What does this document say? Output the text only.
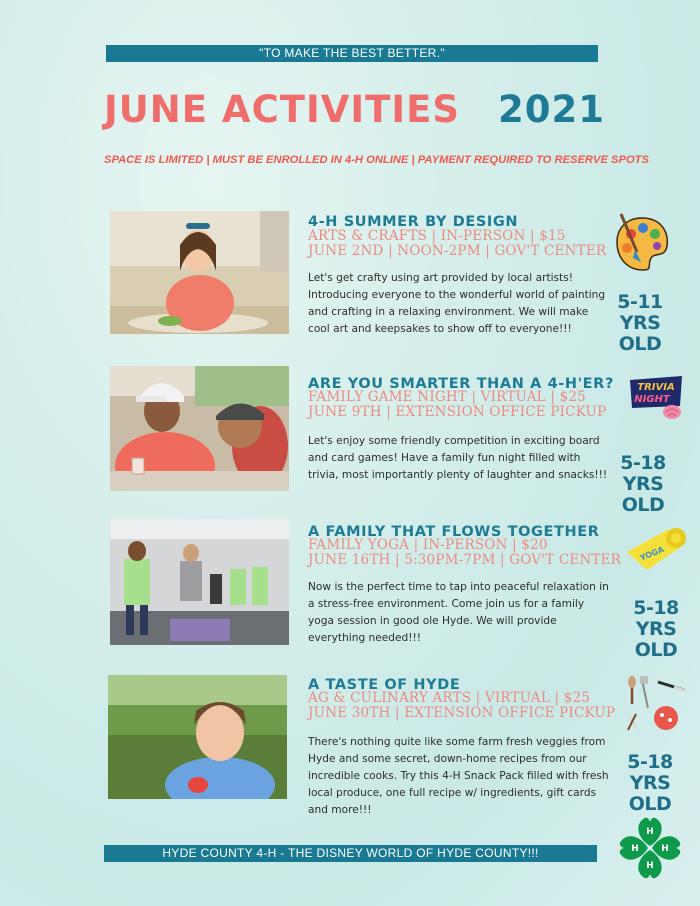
"TO MAKE THE BEST BETTER."
JUNE ACTIVITIES 2021
SPACE IS LIMITED | MUST BE ENROLLED IN 4-H ONLINE | PAYMENT REQUIRED TO RESERVE SPOTS
4-H SUMMER BY DESIGN
ARTS & CRAFTS | IN-PERSON | $15
JUNE 2ND | NOON-2PM | GOV'T CENTER
Let's get crafty using art provided by local artists! Introducing everyone to the wonderful world of painting and crafting in a relaxing environment. We will make cool art and keepsakes to show off to everyone!!!
5-11
YRS OLD
ARE YOU SMARTER THAN A 4-H'ER?
FAMILY GAME NIGHT | VIRTUAL | $25
JUNE 9TH | EXTENSION OFFICE PICKUP
Let's enjoy some friendly competition in exciting board and card games! Have a family fun night filled with trivia, most importantly plenty of laughter and snacks!!!
TRIVIA
NIGHT
5-18
YRS OLD
A FAMILY THAT FLOWS TOGETHER
FAMILY YOGA | IN-PERSON | $20
JUNE 16TH | 5:30PM-7PM | GOV'T CENTER
Now is the perfect time to tap into peaceful relaxation in a stress-free environment. Come join us for a family yoga session in good ole Hyde. We will provide everything needed!!!
YOGA
5-18
YRS OLD
A TASTE OF HYDE
AG & CULINARY ARTS | VIRTUAL | $25
JUNE 30TH | EXTENSION OFFICE PICKUP
There's nothing quite like some farm fresh veggies from Hyde and some secret, down-home recipes from our incredible cooks. Try this 4-H Snack Pack filled with fresh local produce, one full recipe w/ ingredients, gift cards and more!!!
5-18
YRS OLD
HYDE COUNTY 4-H - THE DISNEY WORLD OF HYDE COUNTY!!!
H
H
H
H
